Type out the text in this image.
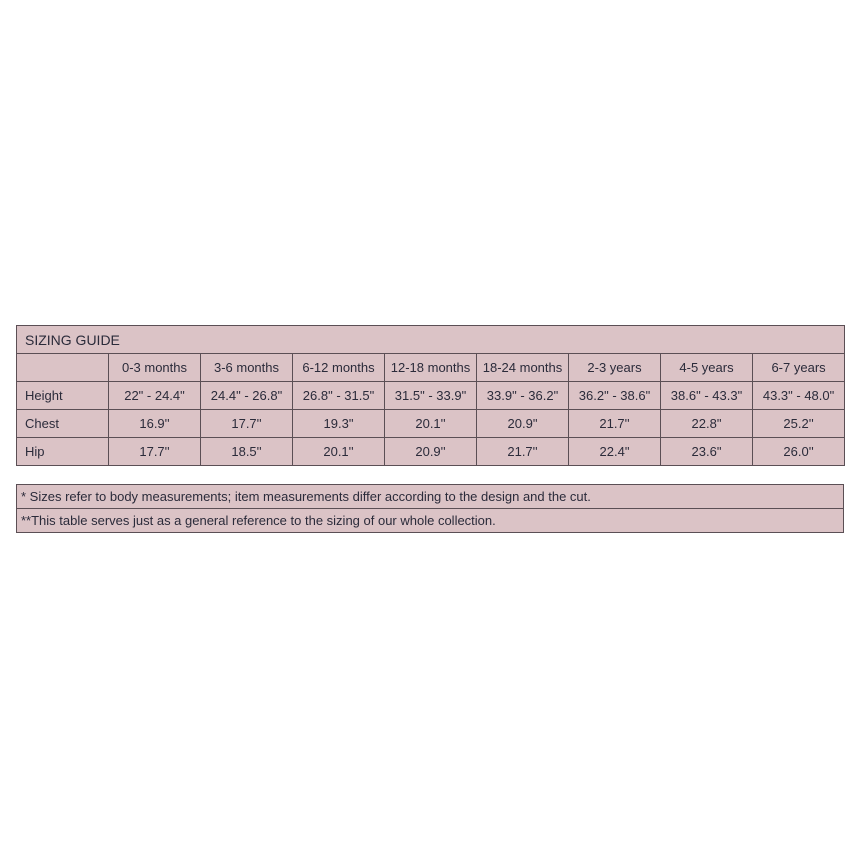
SIZING GUIDE								
	0-3 months	3-6 months	6-12 months	12-18 months	18-24 months	2-3 years	4-5 years	6-7 years
Height	22" - 24.4"	24.4" - 26.8"	26.8" - 31.5"	31.5" - 33.9"	33.9" - 36.2"	36.2" - 38.6"	38.6" - 43.3"	43.3" - 48.0"
Chest	16.9''	17.7''	19.3"	20.1''	20.9"	21.7''	22.8"	25.2''
Hip	17.7''	18.5''	20.1''	20.9''	21.7''	22.4"	23.6"	26.0''
* Sizes refer to body measurements; item measurements differ according to the design and the cut.
**This table serves just as a general reference to the sizing of our whole collection.
